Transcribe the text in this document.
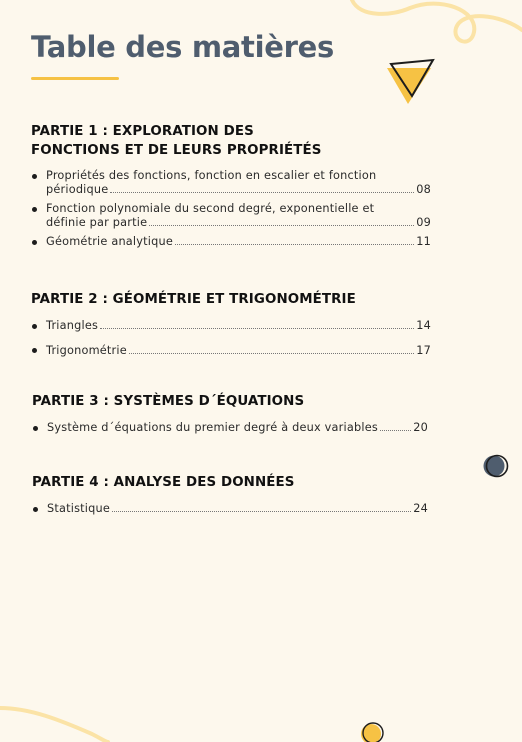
Table des matières
PARTIE 1 : EXPLORATION DES
FONCTIONS ET DE LEURS PROPRIÉTÉS
Propriétés des fonctions, fonction en escalier et fonction
périodique	08
Fonction polynomiale du second degré, exponentielle et
définie par partie	09
Géométrie analytique	11
PARTIE 2 : GÉOMÉTRIE ET TRIGONOMÉTRIE
Triangles	14
Trigonométrie	17
PARTIE 3 : SYSTÈMES D´ÉQUATIONS
Système d´équations du premier degré à deux variables	20
PARTIE 4 : ANALYSE DES DONNÉES
Statistique	24
